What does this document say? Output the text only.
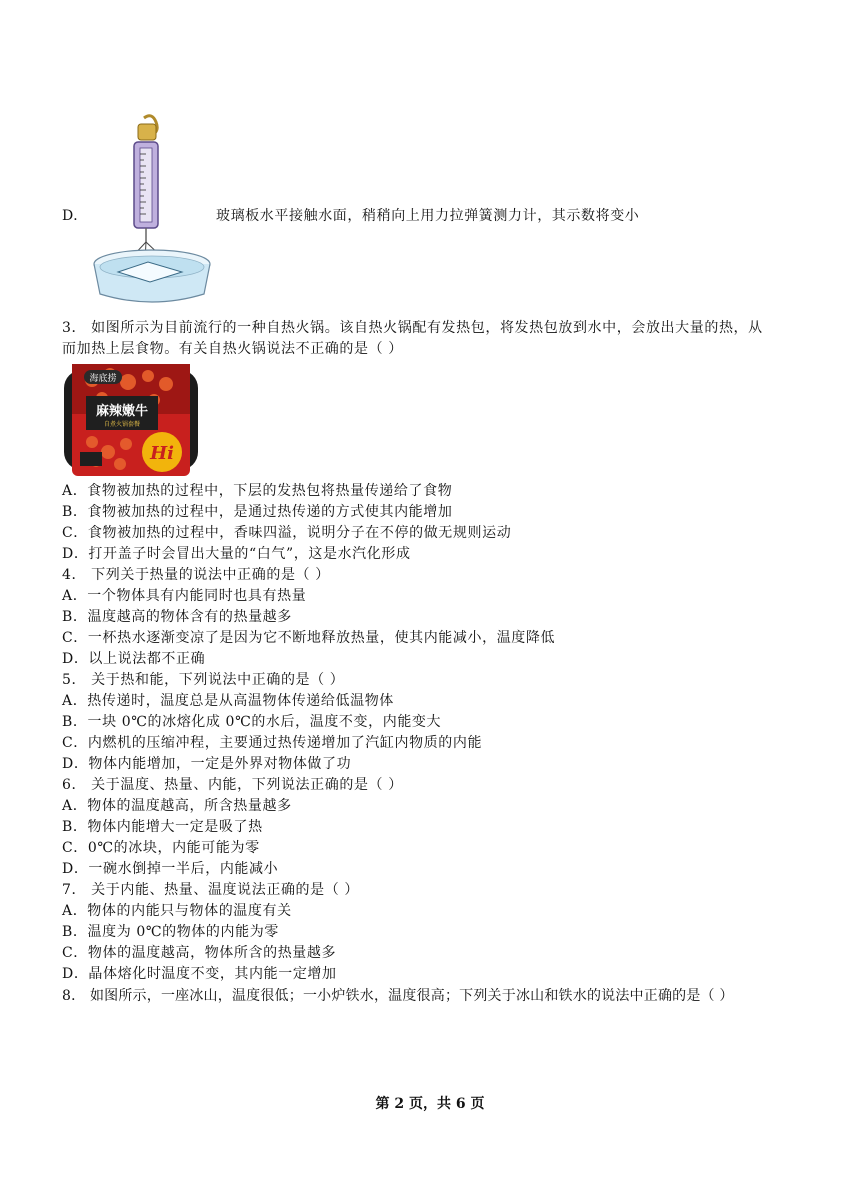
D．	玻璃板水平接触水面，稍稍向上用力拉弹簧测力计，其示数将变小
3． 如图所示为目前流行的一种自热火锅。该自热火锅配有发热包，将发热包放到水中，会放出大量的热，从
而加热上层食物。有关自热火锅说法不正确的是（ ）
海底捞
麻辣嫩牛
自煮火锅套餐
Hi
A．食物被加热的过程中，下层的发热包将热量传递给了食物
B．食物被加热的过程中，是通过热传递的方式使其内能增加
C．食物被加热的过程中，香味四溢，说明分子在不停的做无规则运动
D．打开盖子时会冒出大量的“白气”，这是水汽化形成
4． 下列关于热量的说法中正确的是（ ）
A．一个物体具有内能同时也具有热量
B．温度越高的物体含有的热量越多
C．一杯热水逐渐变凉了是因为它不断地释放热量，使其内能减小，温度降低
D．以上说法都不正确
5． 关于热和能，下列说法中正确的是（ ）
A．热传递时，温度总是从高温物体传递给低温物体
B．一块 0℃的冰熔化成 0℃的水后，温度不变，内能变大
C．内燃机的压缩冲程，主要通过热传递增加了汽缸内物质的内能
D．物体内能增加，一定是外界对物体做了功
6． 关于温度、热量、内能，下列说法正确的是（ ）
A．物体的温度越高，所含热量越多
B．物体内能增大一定是吸了热
C．0℃的冰块，内能可能为零
D．一碗水倒掉一半后，内能减小
7． 关于内能、热量、温度说法正确的是（ ）
A．物体的内能只与物体的温度有关
B．温度为 0℃的物体的内能为零
C．物体的温度越高，物体所含的热量越多
D．晶体熔化时温度不变，其内能一定增加
8． 如图所示，一座冰山，温度很低；一小炉铁水，温度很高；下列关于冰山和铁水的说法中正确的是（ ）
第 2 页，共 6 页
